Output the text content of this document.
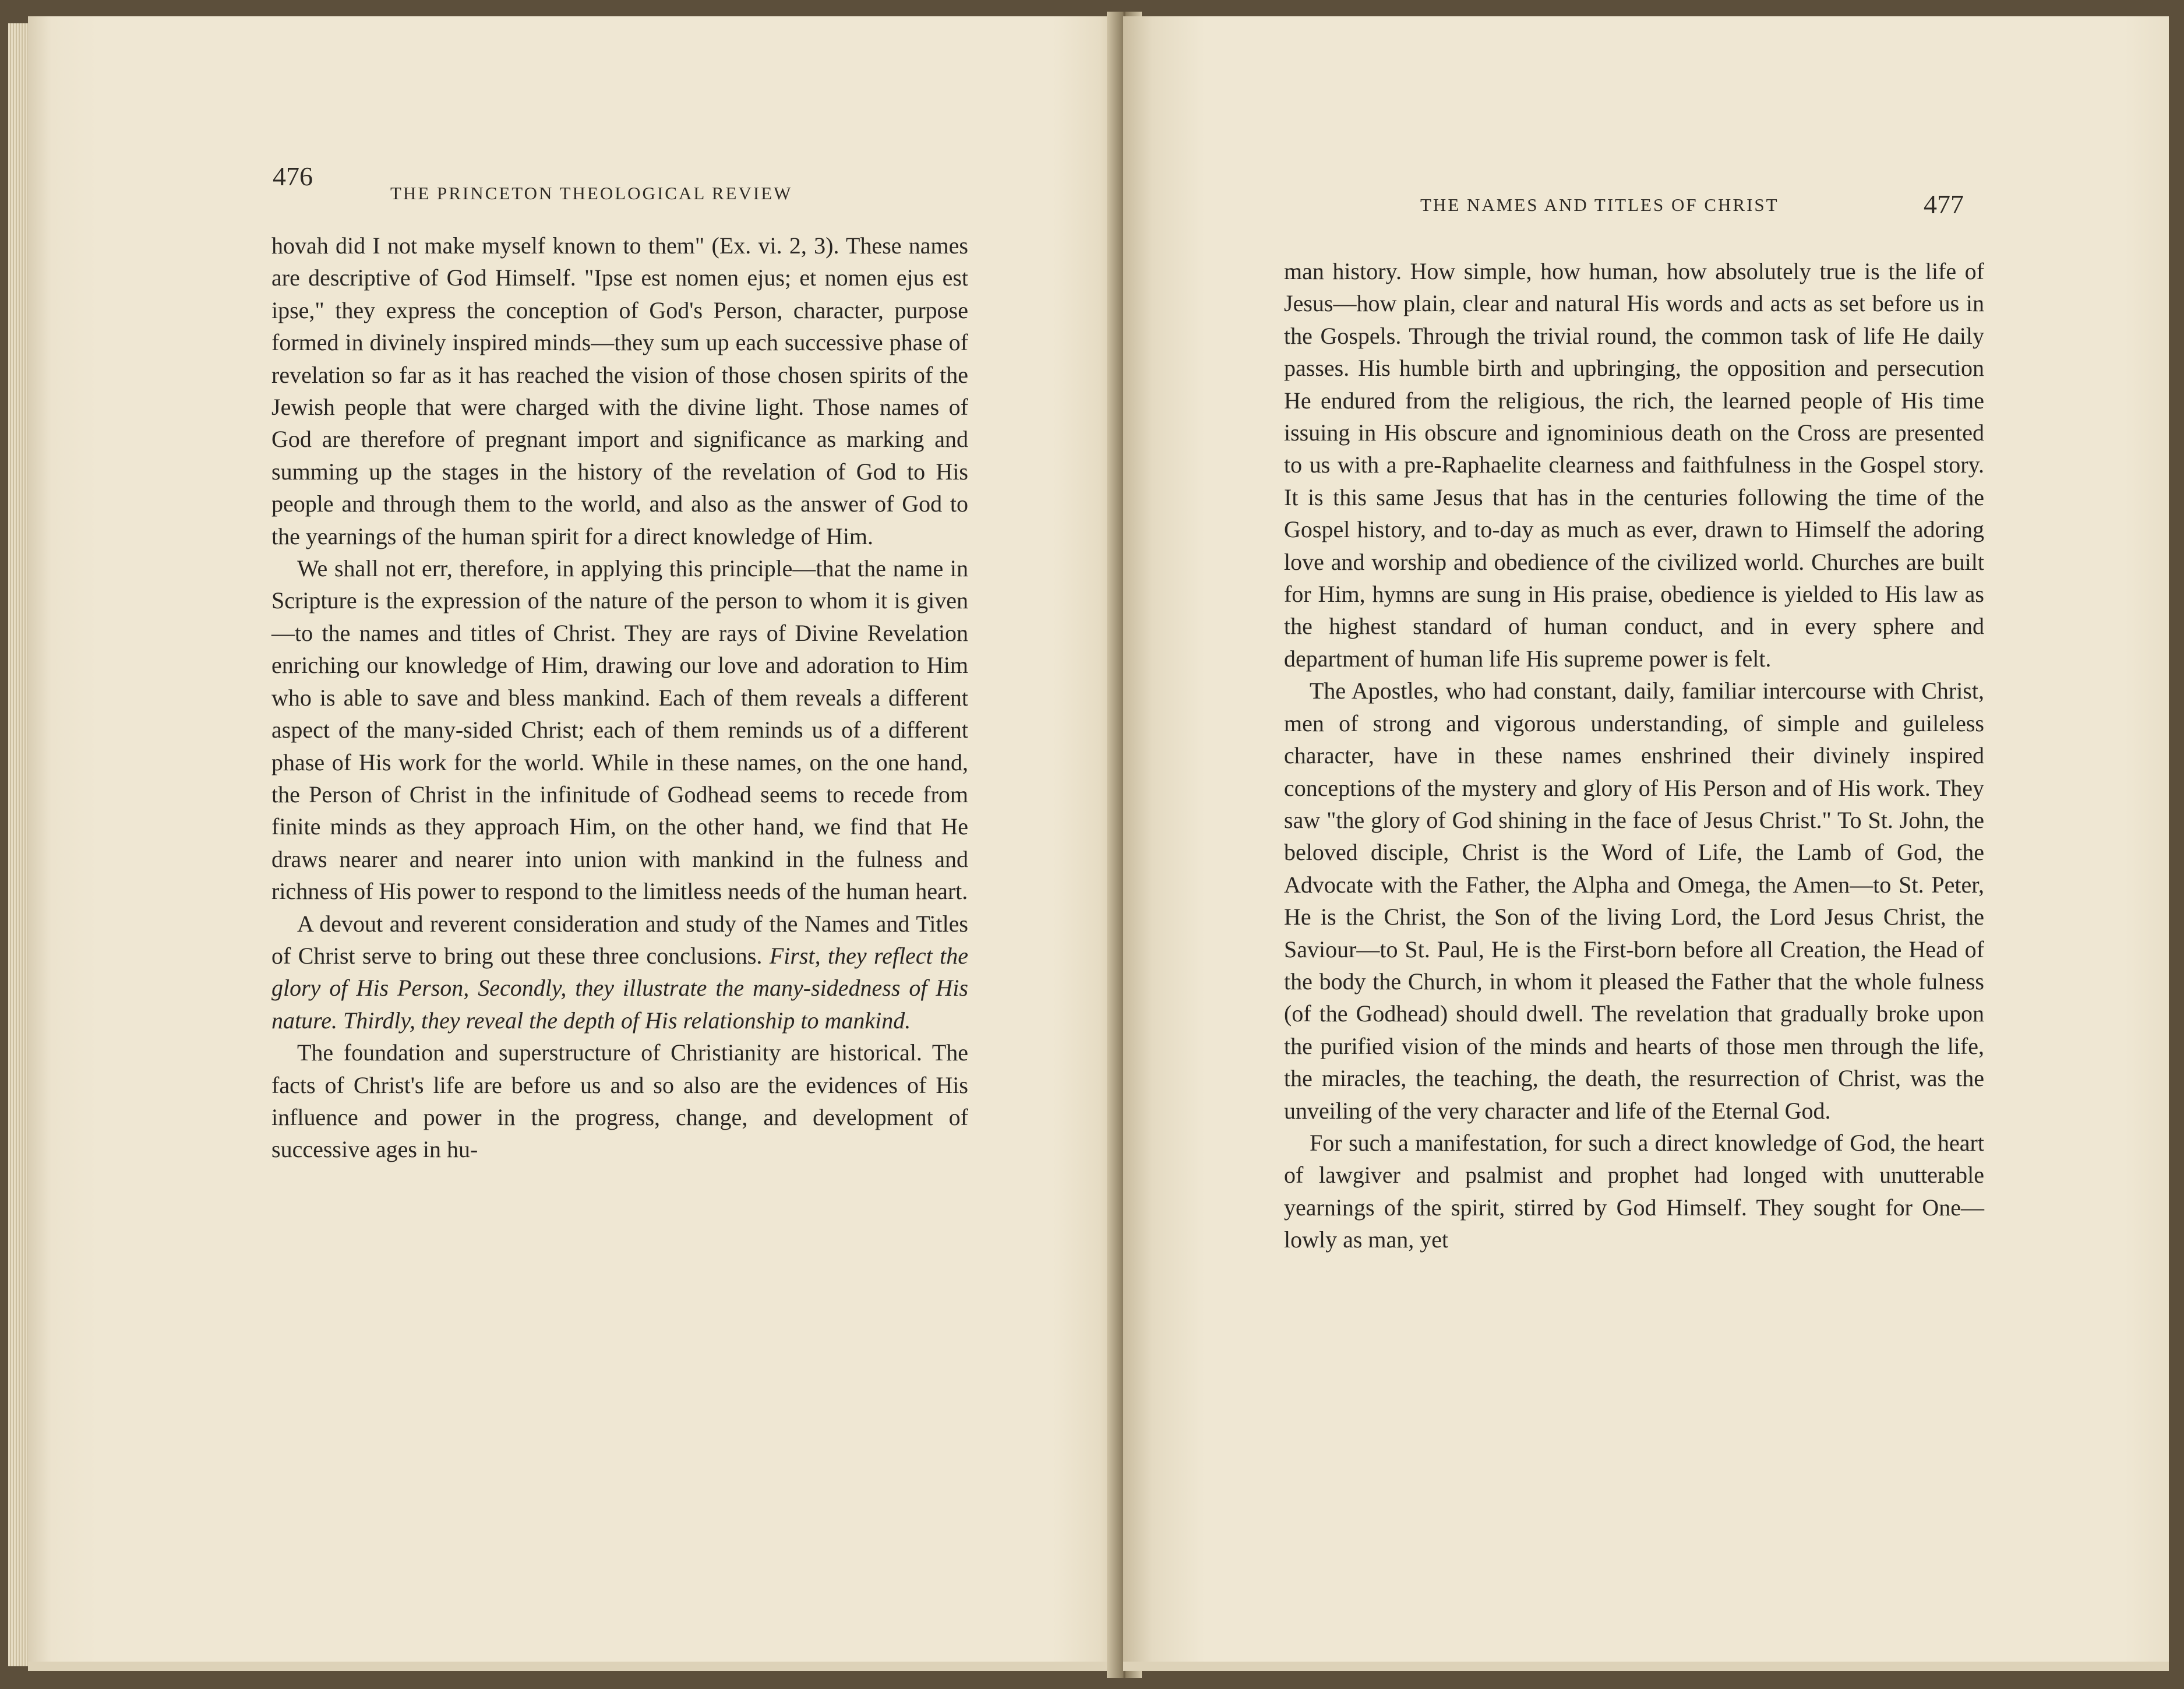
476
THE PRINCETON THEOLOGICAL REVIEW

hovah did I not make myself known to them" (Ex. vi. 2, 3). These names are descriptive of God Himself. "Ipse est nomen ejus; et nomen ejus est ipse," they express the conception of God's Person, character, purpose formed in divinely inspired minds—they sum up each successive phase of revelation so far as it has reached the vision of those chosen spirits of the Jewish people that were charged with the divine light. Those names of God are therefore of pregnant import and significance as marking and summing up the stages in the history of the revelation of God to His people and through them to the world, and also as the answer of God to the yearnings of the human spirit for a direct knowledge of Him.

We shall not err, therefore, in applying this principle—that the name in Scripture is the expression of the nature of the person to whom it is given—to the names and titles of Christ. They are rays of Divine Revelation enriching our knowledge of Him, drawing our love and adoration to Him who is able to save and bless mankind. Each of them reveals a different aspect of the many-sided Christ; each of them reminds us of a different phase of His work for the world. While in these names, on the one hand, the Person of Christ in the infinitude of Godhead seems to recede from finite minds as they approach Him, on the other hand, we find that He draws nearer and nearer into union with mankind in the fulness and richness of His power to respond to the limitless needs of the human heart.

A devout and reverent consideration and study of the Names and Titles of Christ serve to bring out these three conclusions. First, they reflect the glory of His Person, Secondly, they illustrate the many-sidedness of His nature. Thirdly, they reveal the depth of His relationship to mankind.

The foundation and superstructure of Christianity are historical. The facts of Christ's life are before us and so also are the evidences of His influence and power in the progress, change, and development of successive ages in hu-

THE NAMES AND TITLES OF CHRIST	477

man history. How simple, how human, how absolutely true is the life of Jesus—how plain, clear and natural His words and acts as set before us in the Gospels. Through the trivial round, the common task of life He daily passes. His humble birth and upbringing, the opposition and persecution He endured from the religious, the rich, the learned people of His time issuing in His obscure and ignominious death on the Cross are presented to us with a pre-Raphaelite clearness and faithfulness in the Gospel story. It is this same Jesus that has in the centuries following the time of the Gospel history, and to-day as much as ever, drawn to Himself the adoring love and worship and obedience of the civilized world. Churches are built for Him, hymns are sung in His praise, obedience is yielded to His law as the highest standard of human conduct, and in every sphere and department of human life His supreme power is felt.

The Apostles, who had constant, daily, familiar intercourse with Christ, men of strong and vigorous understanding, of simple and guileless character, have in these names enshrined their divinely inspired conceptions of the mystery and glory of His Person and of His work. They saw "the glory of God shining in the face of Jesus Christ." To St. John, the beloved disciple, Christ is the Word of Life, the Lamb of God, the Advocate with the Father, the Alpha and Omega, the Amen—to St. Peter, He is the Christ, the Son of the living Lord, the Lord Jesus Christ, the Saviour—to St. Paul, He is the First-born before all Creation, the Head of the body the Church, in whom it pleased the Father that the whole fulness (of the Godhead) should dwell. The revelation that gradually broke upon the purified vision of the minds and hearts of those men through the life, the miracles, the teaching, the death, the resurrection of Christ, was the unveiling of the very character and life of the Eternal God.

For such a manifestation, for such a direct knowledge of God, the heart of lawgiver and psalmist and prophet had longed with unutterable yearnings of the spirit, stirred by God Himself. They sought for One—lowly as man, yet
